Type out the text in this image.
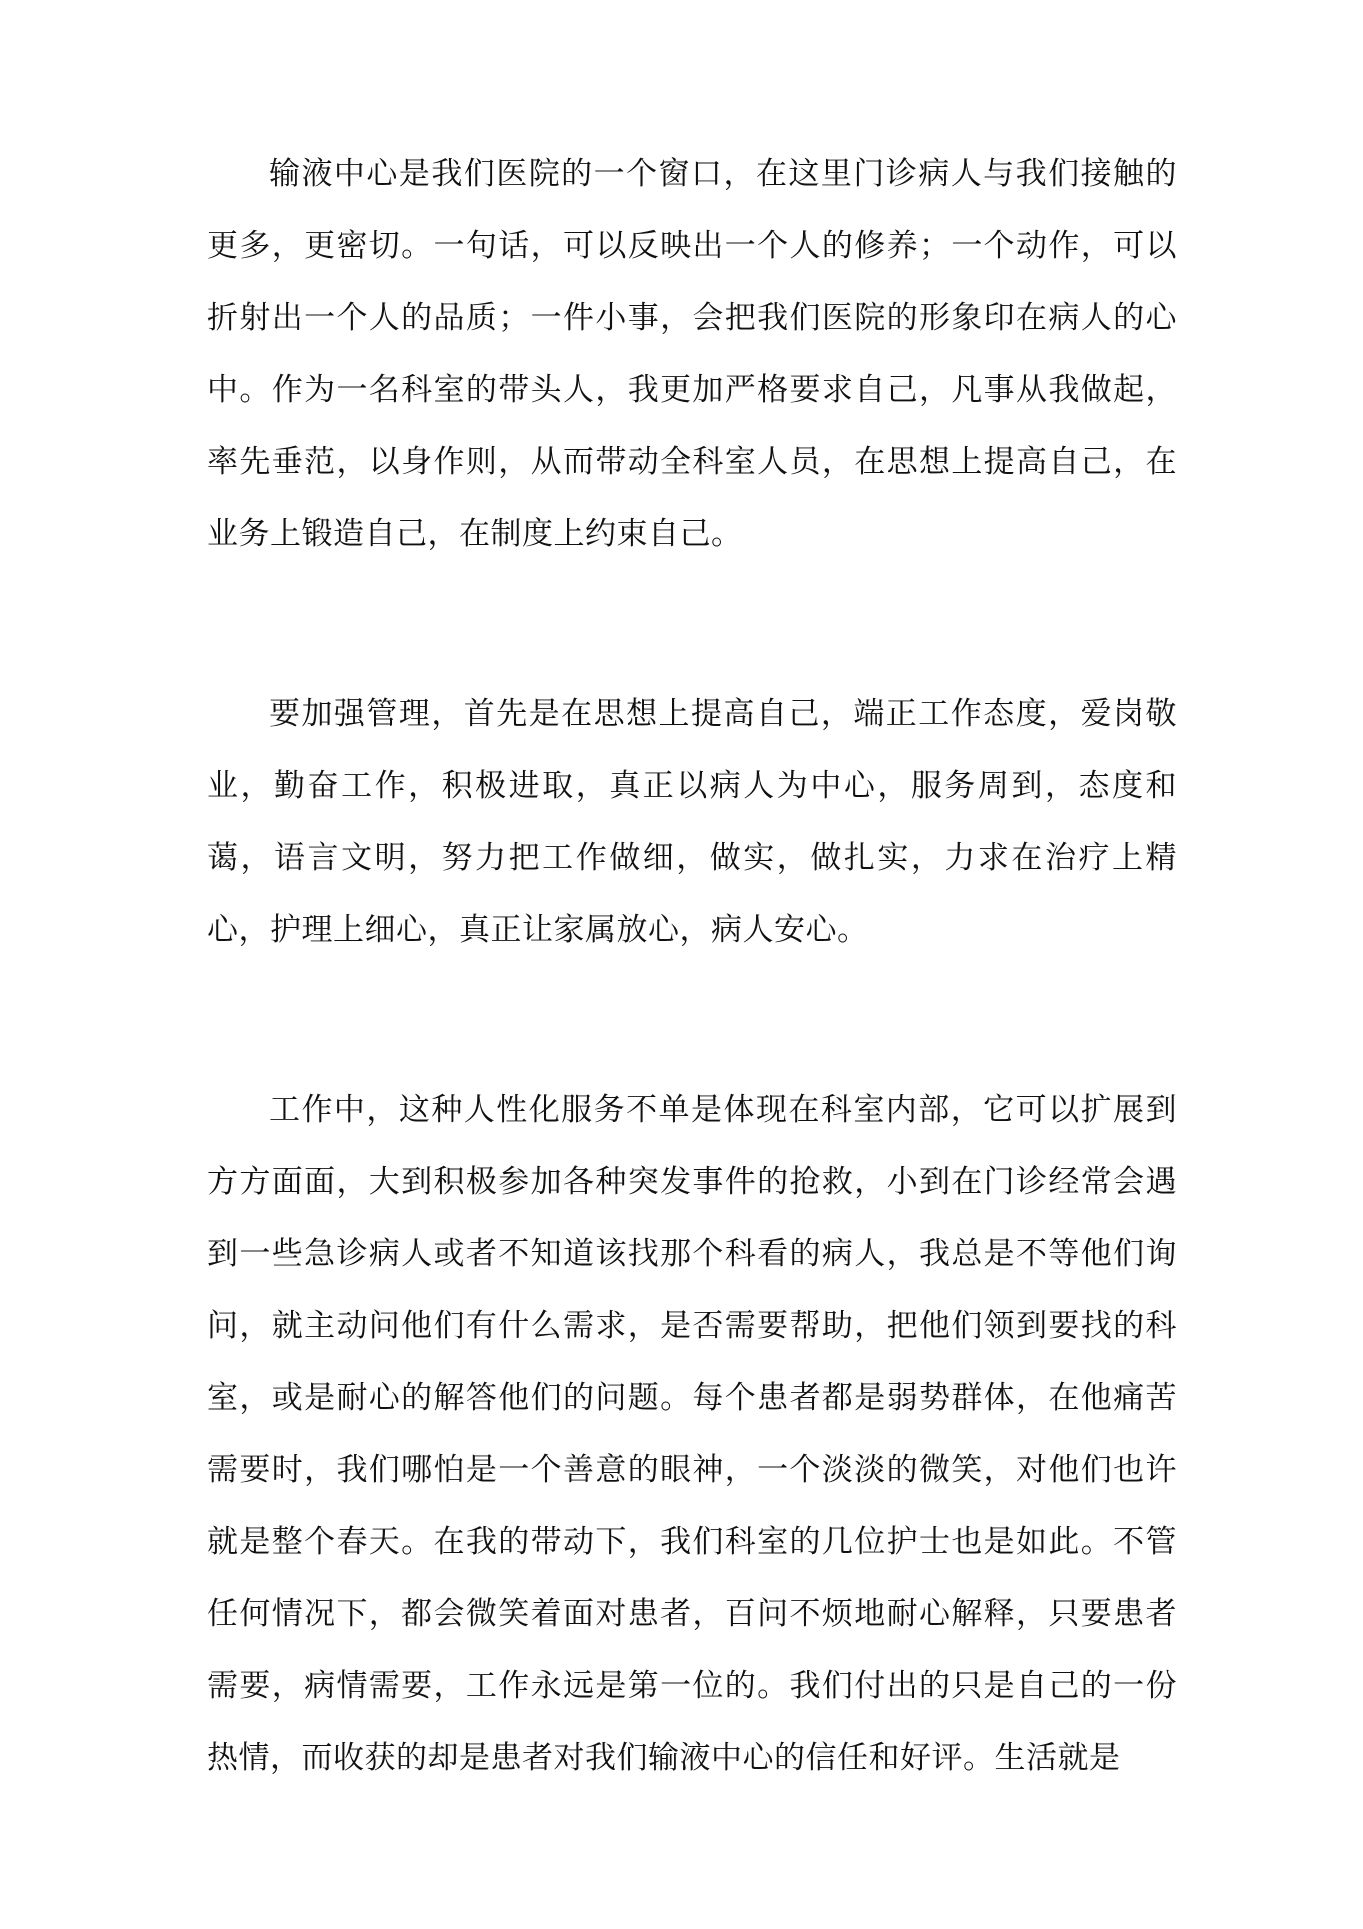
输液中心是我们医院的一个窗口，在这里门诊病人与我们接触的更多，更密切。一句话，可以反映出一个人的修养；一个动作，可以折射出一个人的品质；一件小事，会把我们医院的形象印在病人的心中。作为一名科室的带头人，我更加严格要求自己，凡事从我做起，率先垂范，以身作则，从而带动全科室人员，在思想上提高自己，在业务上锻造自己，在制度上约束自己。

要加强管理，首先是在思想上提高自己，端正工作态度，爱岗敬业，勤奋工作，积极进取，真正以病人为中心，服务周到，态度和蔼，语言文明，努力把工作做细，做实，做扎实，力求在治疗上精心，护理上细心，真正让家属放心，病人安心。

工作中，这种人性化服务不单是体现在科室内部，它可以扩展到方方面面，大到积极参加各种突发事件的抢救，小到在门诊经常会遇到一些急诊病人或者不知道该找那个科看的病人，我总是不等他们询问，就主动问他们有什么需求，是否需要帮助，把他们领到要找的科室，或是耐心的解答他们的问题。每个患者都是弱势群体，在他痛苦需要时，我们哪怕是一个善意的眼神，一个淡淡的微笑，对他们也许就是整个春天。在我的带动下，我们科室的几位护士也是如此。不管任何情况下，都会微笑着面对患者，百问不烦地耐心解释，只要患者需要，病情需要，工作永远是第一位的。我们付出的只是自己的一份热情，而收获的却是患者对我们输液中心的信任和好评。生活就是
